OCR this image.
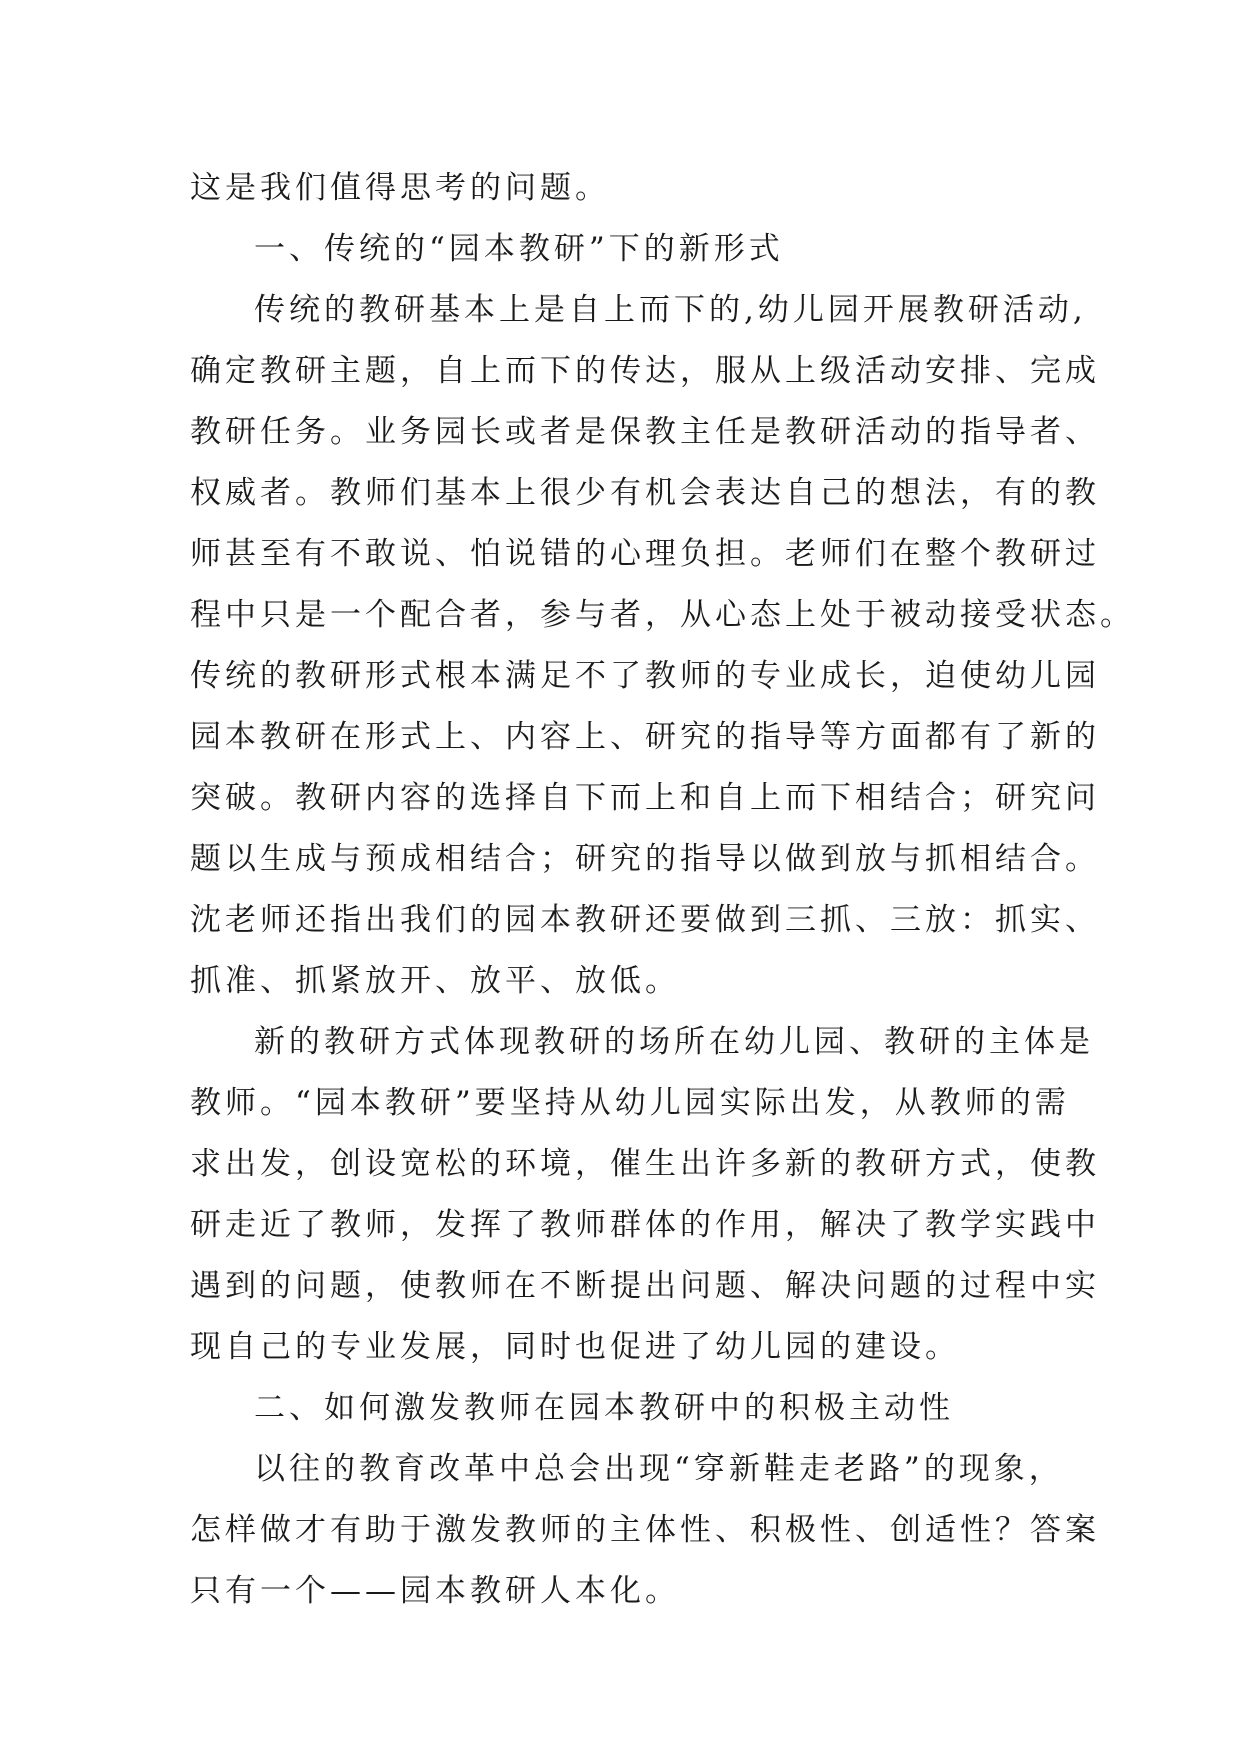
这是我们值得思考的问题。
一、传统的“园本教研”下的新形式
传统的教研基本上是自上而下的,幼儿园开展教研活动,
确定教研主题，自上而下的传达，服从上级活动安排、完成
教研任务。业务园长或者是保教主任是教研活动的指导者、
权威者。教师们基本上很少有机会表达自己的想法，有的教
师甚至有不敢说、怕说错的心理负担。老师们在整个教研过
程中只是一个配合者，参与者，从心态上处于被动接受状态。
传统的教研形式根本满足不了教师的专业成长，迫使幼儿园
园本教研在形式上、内容上、研究的指导等方面都有了新的
突破。教研内容的选择自下而上和自上而下相结合；研究问
题以生成与预成相结合；研究的指导以做到放与抓相结合。
沈老师还指出我们的园本教研还要做到三抓、三放：抓实、
抓准、抓紧放开、放平、放低。
新的教研方式体现教研的场所在幼儿园、教研的主体是
教师。“园本教研”要坚持从幼儿园实际出发，从教师的需
求出发，创设宽松的环境，催生出许多新的教研方式，使教
研走近了教师，发挥了教师群体的作用，解决了教学实践中
遇到的问题，使教师在不断提出问题、解决问题的过程中实
现自己的专业发展，同时也促进了幼儿园的建设。
二、如何激发教师在园本教研中的积极主动性
以往的教育改革中总会出现“穿新鞋走老路”的现象，
怎样做才有助于激发教师的主体性、积极性、创适性？答案
只有一个——园本教研人本化。
